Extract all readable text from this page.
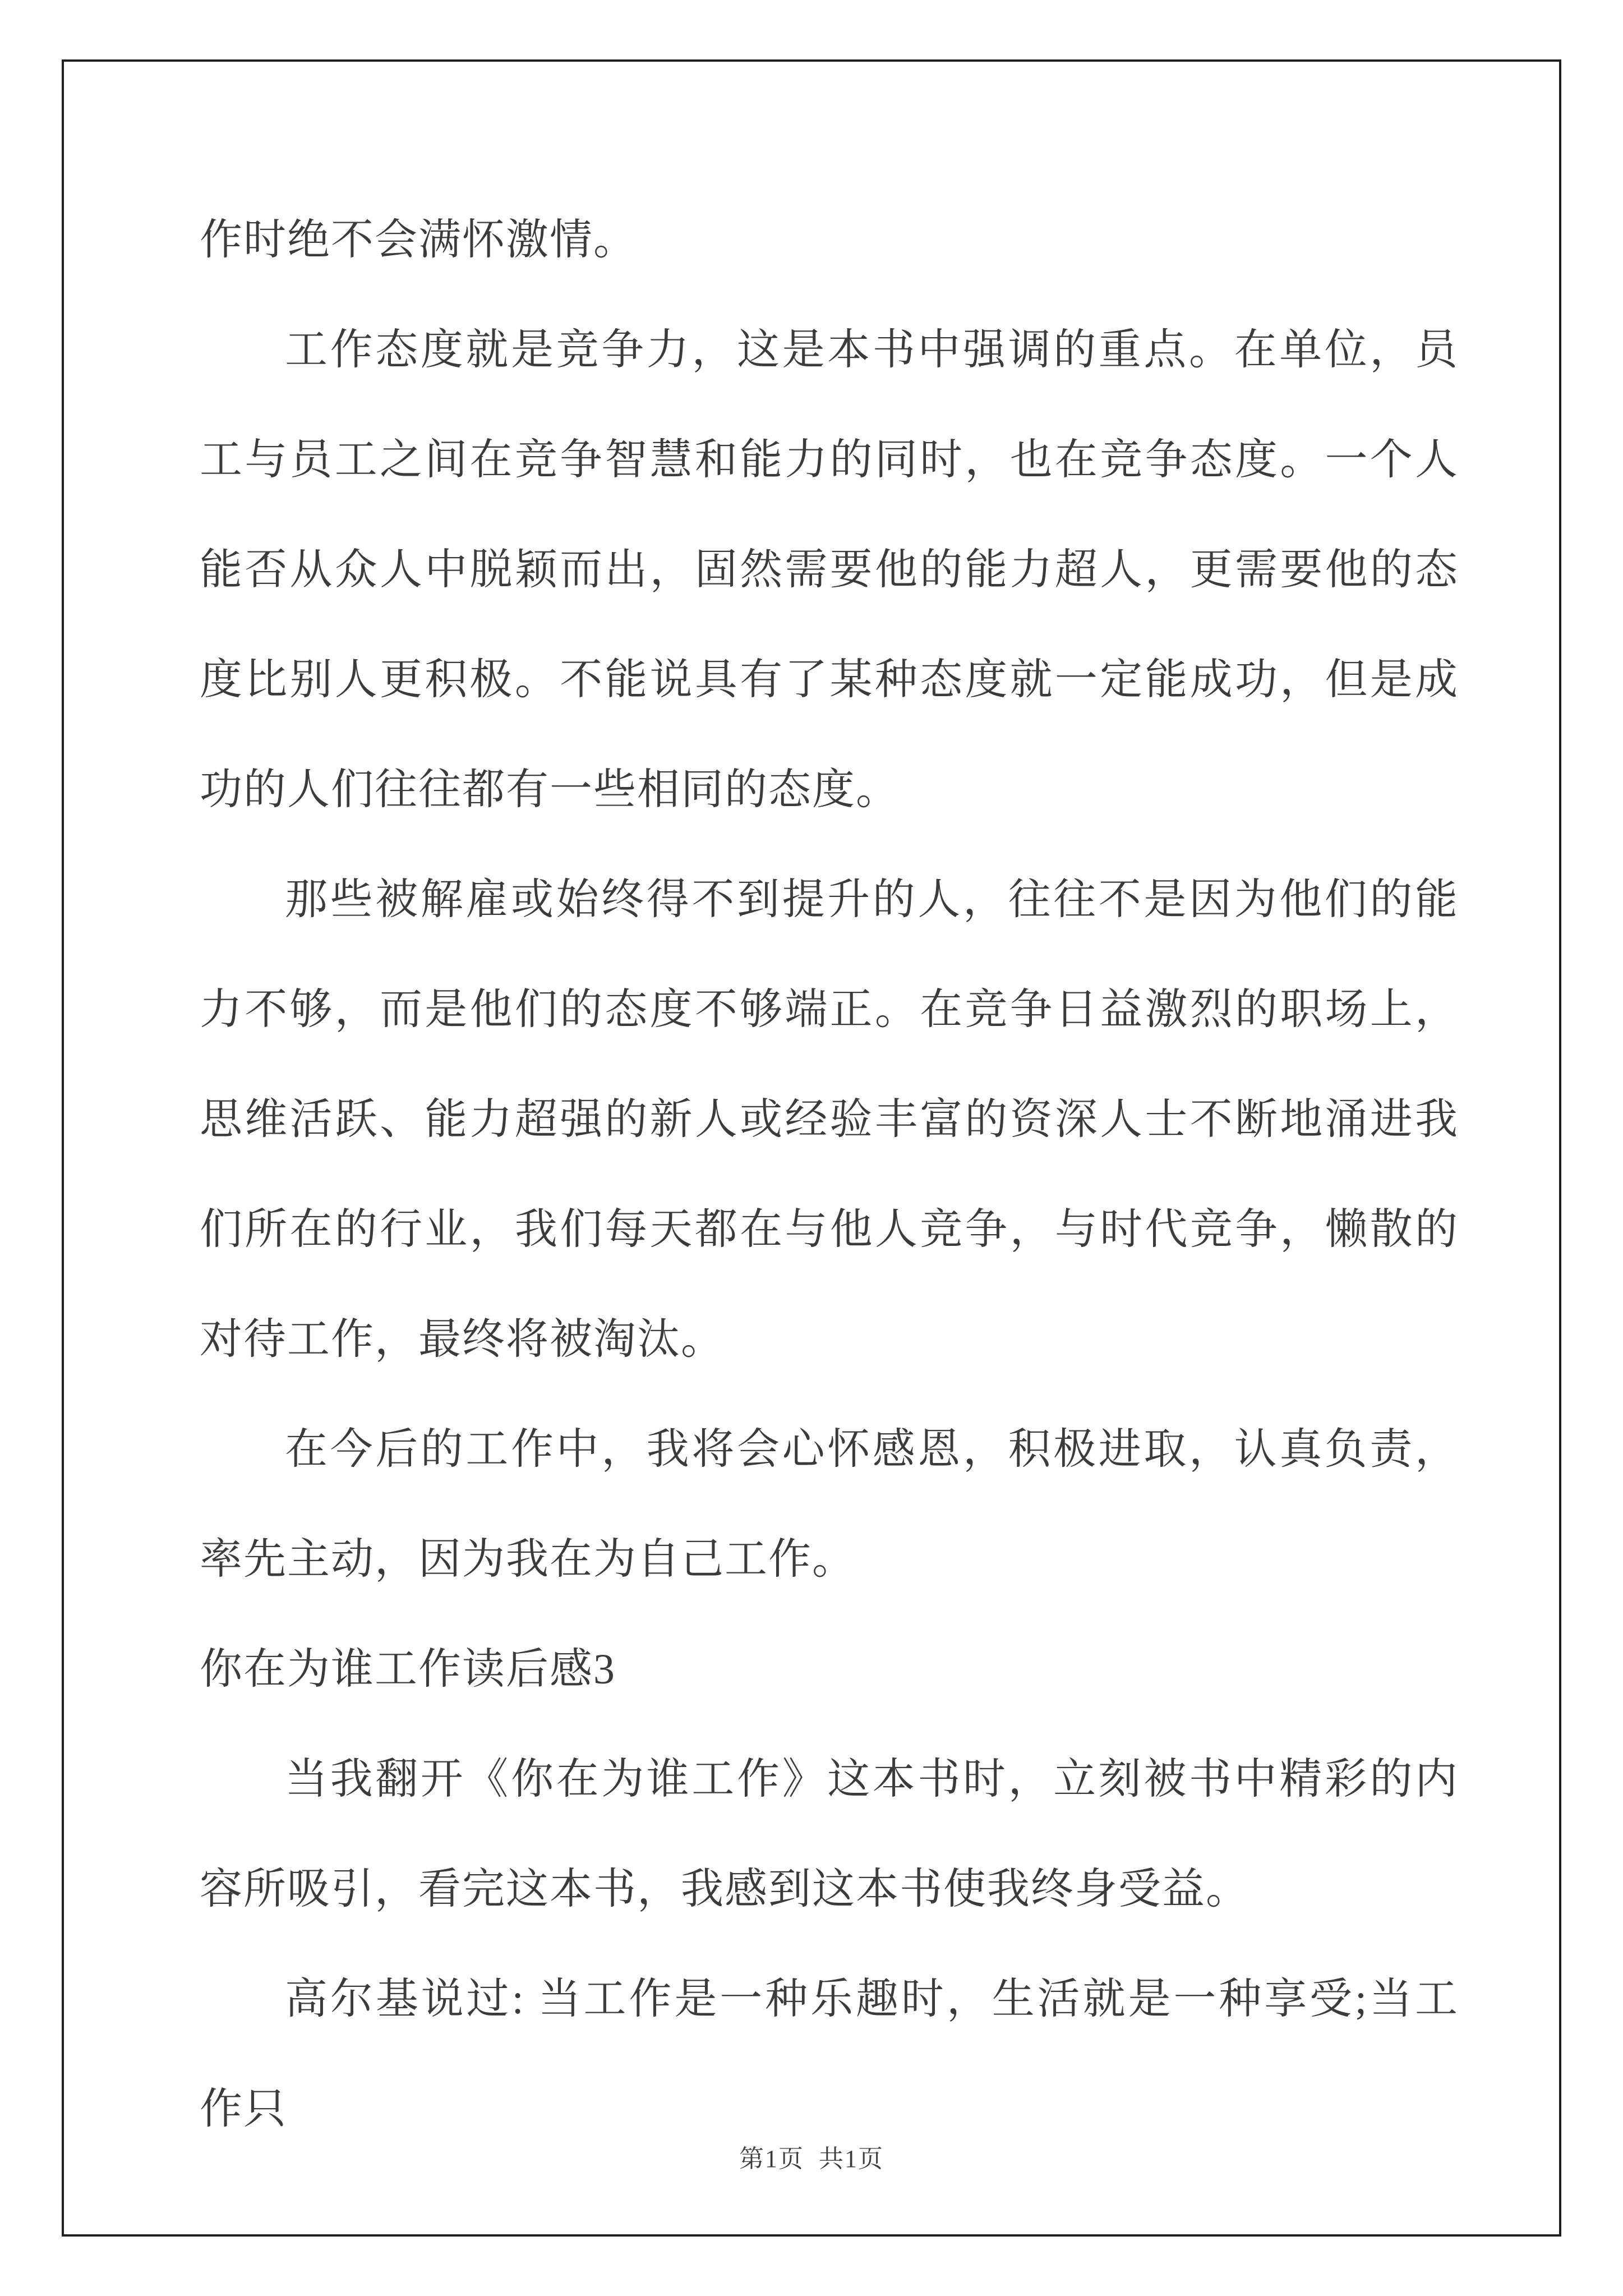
作时绝不会满怀激情。

工作态度就是竞争力，这是本书中强调的重点。在单位，员工与员工之间在竞争智慧和能力的同时，也在竞争态度。一个人能否从众人中脱颖而出，固然需要他的能力超人，更需要他的态度比别人更积极。不能说具有了某种态度就一定能成功，但是成功的人们往往都有一些相同的态度。

那些被解雇或始终得不到提升的人，往往不是因为他们的能力不够，而是他们的态度不够端正。在竞争日益激烈的职场上，思维活跃、能力超强的新人或经验丰富的资深人士不断地涌进我们所在的行业，我们每天都在与他人竞争，与时代竞争，懒散的对待工作，最终将被淘汰。

在今后的工作中，我将会心怀感恩，积极进取，认真负责，率先主动，因为我在为自己工作。

你在为谁工作读后感3

当我翻开《你在为谁工作》这本书时，立刻被书中精彩的内容所吸引，看完这本书，我感到这本书使我终身受益。

高尔基说过: 当工作是一种乐趣时，生活就是一种享受;当工作只

第1页  共1页
